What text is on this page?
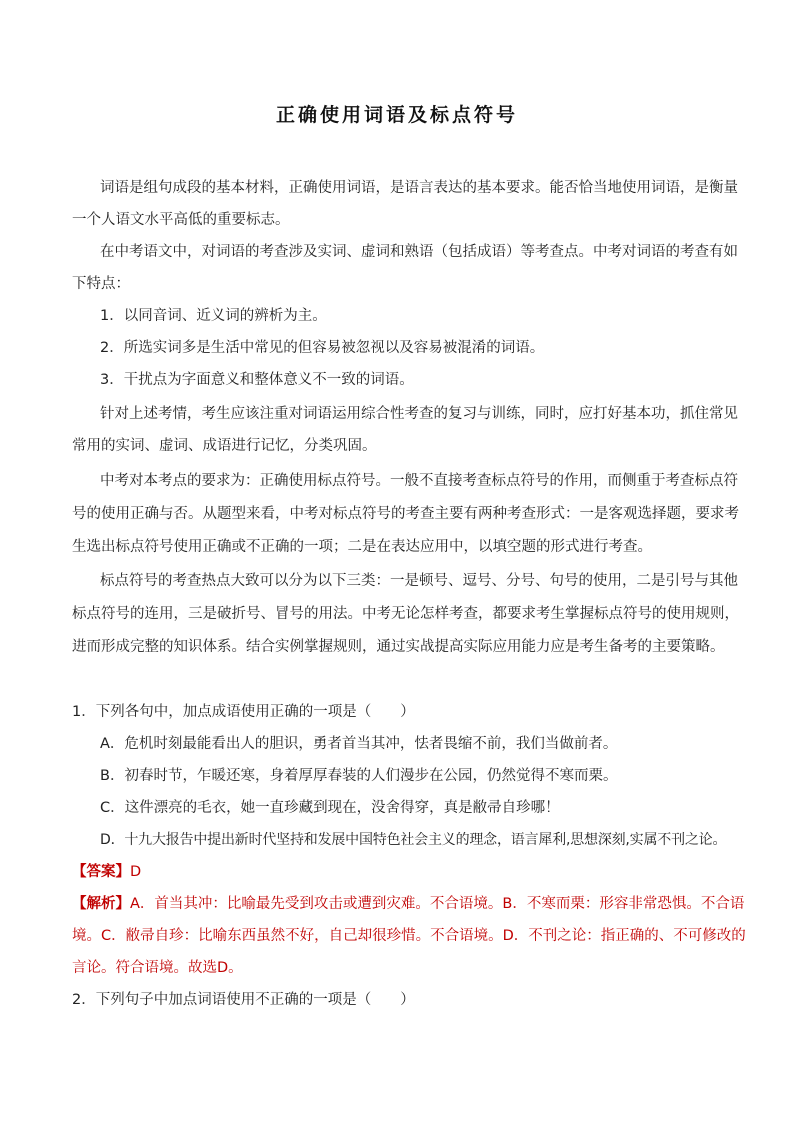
正确使用词语及标点符号
词语是组句成段的基本材料，正确使用词语，是语言表达的基本要求。能否恰当地使用词语，是衡量
一个人语文水平高低的重要标志。
在中考语文中，对词语的考查涉及实词、虚词和熟语（包括成语）等考查点。中考对词语的考查有如
下特点：
1．以同音词、近义词的辨析为主。
2．所选实词多是生活中常见的但容易被忽视以及容易被混淆的词语。
3．干扰点为字面意义和整体意义不一致的词语。
针对上述考情，考生应该注重对词语运用综合性考查的复习与训练，同时，应打好基本功，抓住常见
常用的实词、虚词、成语进行记忆，分类巩固。
中考对本考点的要求为：正确使用标点符号。一般不直接考查标点符号的作用，而侧重于考查标点符
号的使用正确与否。从题型来看，中考对标点符号的考查主要有两种考查形式：一是客观选择题，要求考
生选出标点符号使用正确或不正确的一项；二是在表达应用中，以填空题的形式进行考查。
标点符号的考查热点大致可以分为以下三类：一是顿号、逗号、分号、句号的使用，二是引号与其他
标点符号的连用，三是破折号、冒号的用法。中考无论怎样考查，都要求考生掌握标点符号的使用规则，
进而形成完整的知识体系。结合实例掌握规则，通过实战提高实际应用能力应是考生备考的主要策略。
1．下列各句中，加点成语使用正确的一项是（　　）
A．危机时刻最能看出人的胆识，勇者首当其冲，怯者畏缩不前，我们当做前者。
B．初春时节，乍暖还寒，身着厚厚春装的人们漫步在公园，仍然觉得不寒而栗。
C．这件漂亮的毛衣，她一直珍藏到现在，没舍得穿，真是敝帚自珍哪！
D．十九大报告中提出新时代坚持和发展中国特色社会主义的理念，语言犀利,思想深刻,实属不刊之论。
【答案】D
【解析】A．首当其冲：比喻最先受到攻击或遭到灾难。不合语境。B．不寒而栗：形容非常恐惧。不合语
境。C．敝帚自珍：比喻东西虽然不好，自己却很珍惜。不合语境。D．不刊之论：指正确的、不可修改的
言论。符合语境。故选D。
2．下列句子中加点词语使用不正确的一项是（　　）
